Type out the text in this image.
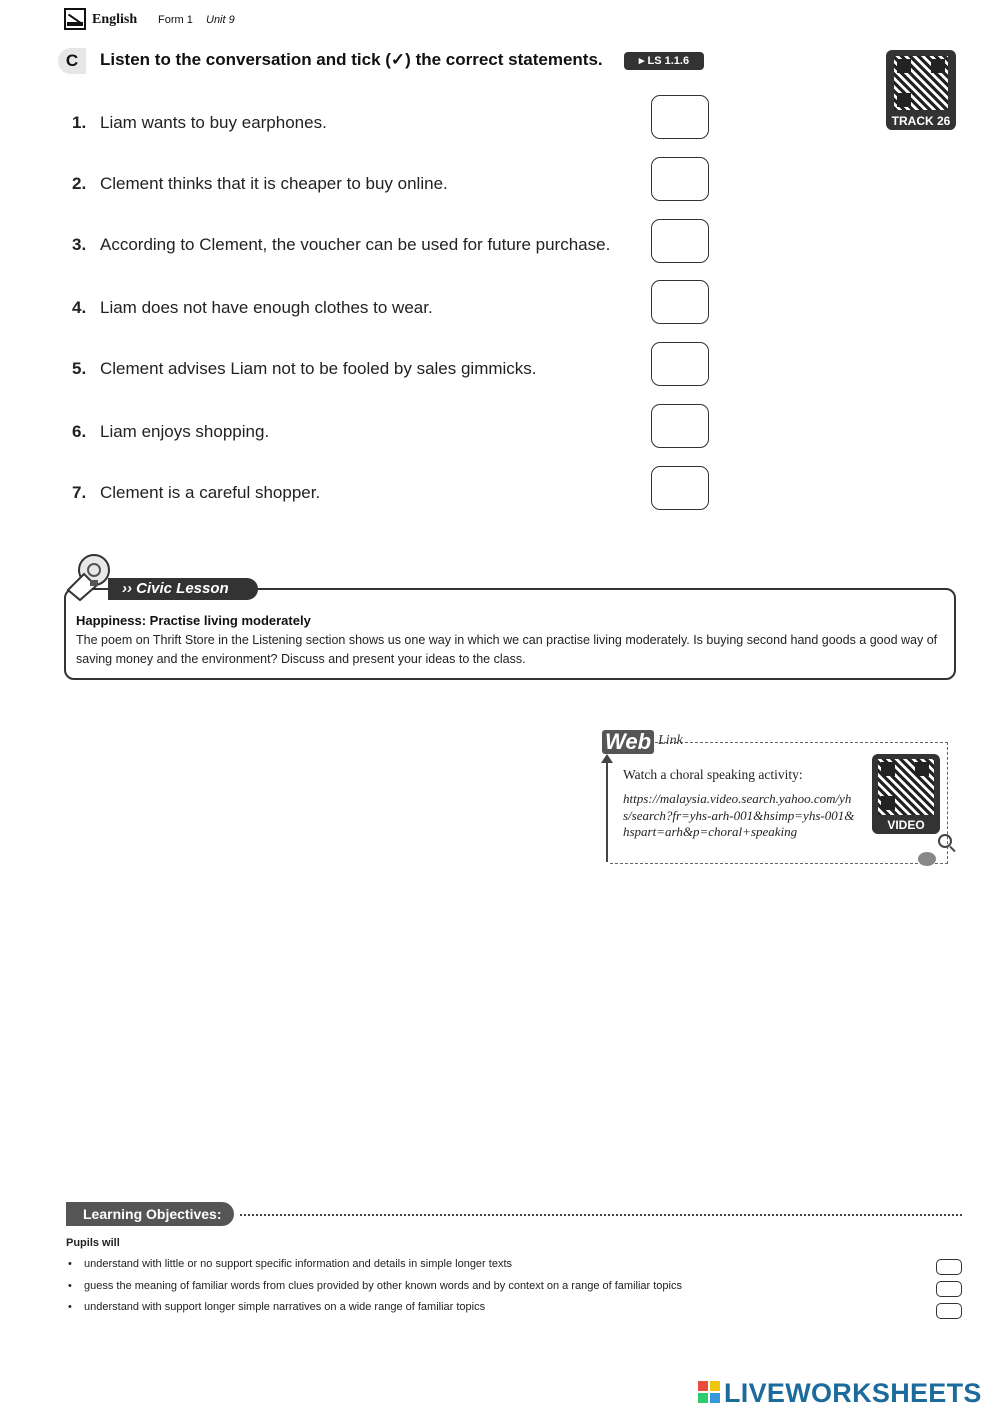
English Form 1 Unit 9
C	Listen to the conversation and tick (✓) the correct statements.	▸ LS 1.1.6
TRACK 26
1. Liam wants to buy earphones.
2. Clement thinks that it is cheaper to buy online.
3. According to Clement, the voucher can be used for future purchase.
4. Liam does not have enough clothes to wear.
5. Clement advises Liam not to be fooled by sales gimmicks.
6. Liam enjoys shopping.
7. Clement is a careful shopper.
›› Civic Lesson
Happiness: Practise living moderately
The poem on Thrift Store in the Listening section shows us one way in which we can practise living moderately. Is buying second hand goods a good way of saving money and the environment? Discuss and present your ideas to the class.
Web Link
Watch a choral speaking activity:
https://malaysia.video.search.yahoo.com/yhs/search?fr=yhs-arh-001&hsimp=yhs-001&hspart=arh&p=choral+speaking	VIDEO
Learning Objectives:
Pupils will
• understand with little or no support specific information and details in simple longer texts
• guess the meaning of familiar words from clues provided by other known words and by context on a range of familiar topics
• understand with support longer simple narratives on a wide range of familiar topics
LIVEWORKSHEETS
